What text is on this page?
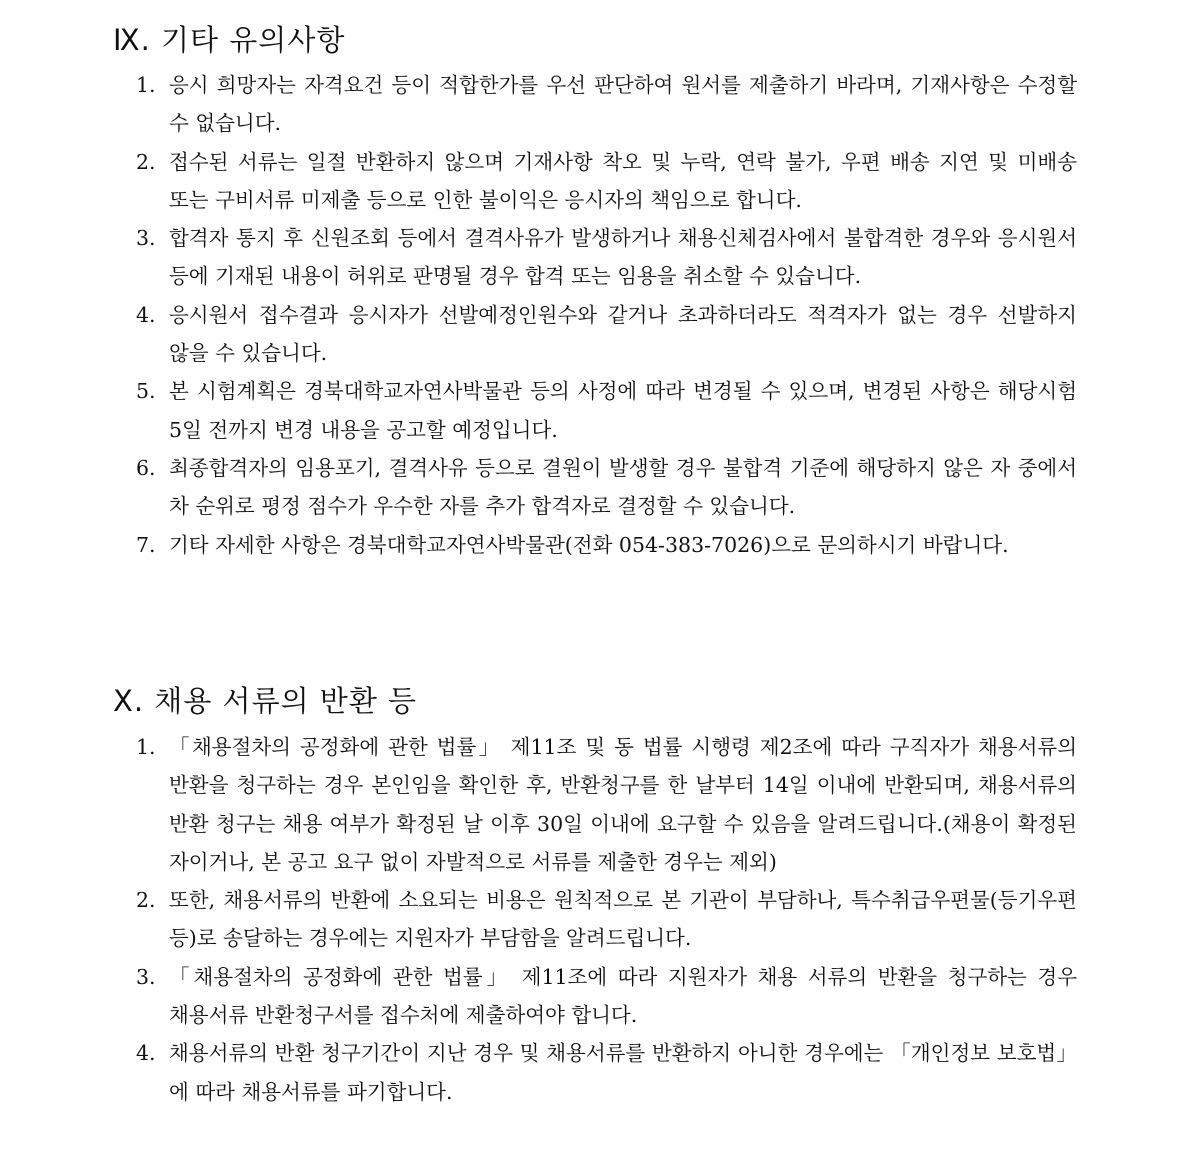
Ⅸ. 기타 유의사항
1. 응시 희망자는 자격요건 등이 적합한가를 우선 판단하여 원서를 제출하기 바라며, 기재사항은 수정할 수 없습니다.
2. 접수된 서류는 일절 반환하지 않으며 기재사항 착오 및 누락, 연락 불가, 우편 배송 지연 및 미배송 또는 구비서류 미제출 등으로 인한 불이익은 응시자의 책임으로 합니다.
3. 합격자 통지 후 신원조회 등에서 결격사유가 발생하거나 채용신체검사에서 불합격한 경우와 응시원서 등에 기재된 내용이 허위로 판명될 경우 합격 또는 임용을 취소할 수 있습니다.
4. 응시원서 접수결과 응시자가 선발예정인원수와 같거나 초과하더라도 적격자가 없는 경우 선발하지 않을 수 있습니다.
5. 본 시험계획은 경북대학교자연사박물관 등의 사정에 따라 변경될 수 있으며, 변경된 사항은 해당시험 5일 전까지 변경 내용을 공고할 예정입니다.
6. 최종합격자의 임용포기, 결격사유 등으로 결원이 발생할 경우 불합격 기준에 해당하지 않은 자 중에서 차 순위로 평정 점수가 우수한 자를 추가 합격자로 결정할 수 있습니다.
7. 기타 자세한 사항은 경북대학교자연사박물관(전화 054-383-7026)으로 문의하시기 바랍니다.
Ⅹ. 채용 서류의 반환 등
1. 「채용절차의 공정화에 관한 법률」 제11조 및 동 법률 시행령 제2조에 따라 구직자가 채용서류의 반환을 청구하는 경우 본인임을 확인한 후, 반환청구를 한 날부터 14일 이내에 반환되며, 채용서류의 반환 청구는 채용 여부가 확정된 날 이후 30일 이내에 요구할 수 있음을 알려드립니다.(채용이 확정된 자이거나, 본 공고 요구 없이 자발적으로 서류를 제출한 경우는 제외)
2. 또한, 채용서류의 반환에 소요되는 비용은 원칙적으로 본 기관이 부담하나, 특수취급우편물(등기우편 등)로 송달하는 경우에는 지원자가 부담함을 알려드립니다.
3. 「채용절차의 공정화에 관한 법률」 제11조에 따라 지원자가 채용 서류의 반환을 청구하는 경우 채용서류 반환청구서를 접수처에 제출하여야 합니다.
4. 채용서류의 반환 청구기간이 지난 경우 및 채용서류를 반환하지 아니한 경우에는 「개인정보 보호법」에 따라 채용서류를 파기합니다.
